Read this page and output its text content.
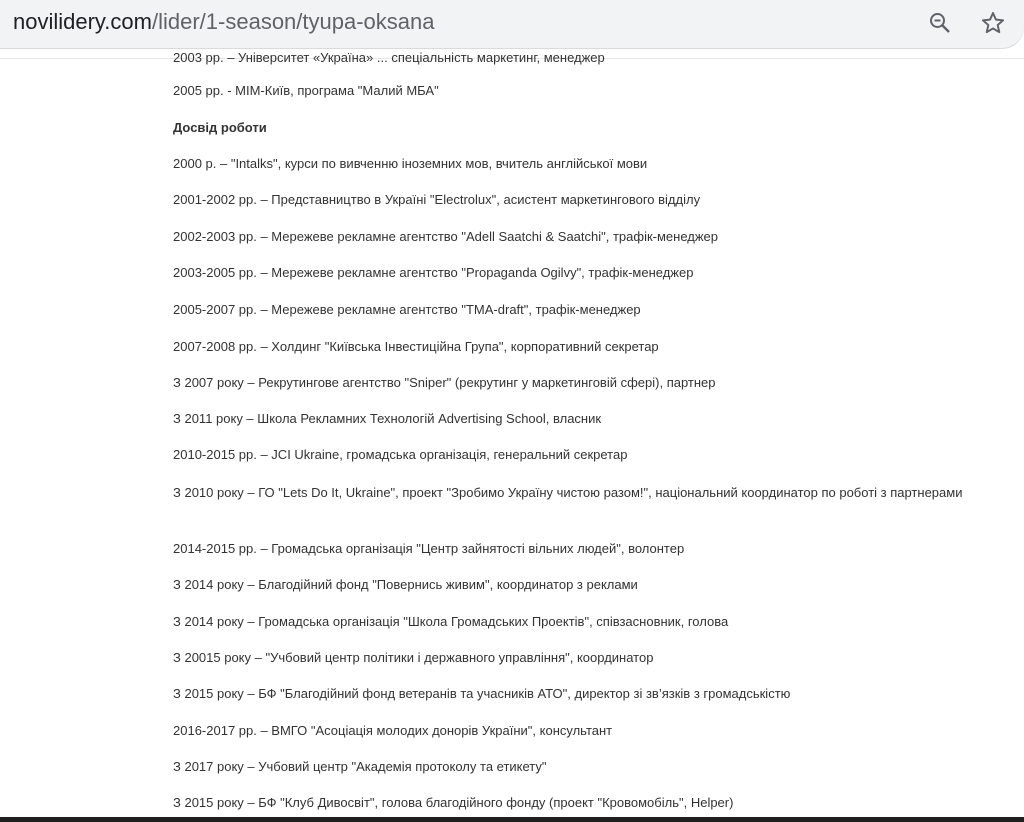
novilidery.com/lider/1-season/tyupa-oksana
2003 рр. – Університет «Україна» ... спеціальність маркетинг, менеджер
2005 рр. - МІМ-Київ, програма "Малий МБА"
Досвід роботи
2000 р. – "Intalks", курси по вивченню іноземних мов, вчитель англійської мови
2001-2002 рр. – Представництво в Україні "Electrolux", асистент маркетингового відділу
2002-2003 рр. – Мережеве рекламне агентство "Adell Saatchi & Saatchi", трафік-менеджер
2003-2005 рр. – Мережеве рекламне агентство "Propaganda Ogilvy", трафік-менеджер
2005-2007 рр. – Мережеве рекламне агентство "TMA-draft", трафік-менеджер
2007-2008 рр. – Холдинг "Київська Інвестиційна Група", корпоративний секретар
З 2007 року – Рекрутингове агентство "Sniper" (рекрутинг у маркетинговій сфері), партнер
З 2011 року – Школа Рекламних Технологій Advertising School, власник
2010-2015 рр. – JCI Ukraine, громадська організація, генеральний секретар
З 2010 року – ГО "Lets Do It, Ukraine", проект "Зробимо Україну чистою разом!", національний координатор по роботі з партнерами
2014-2015 рр. – Громадська організація "Центр зайнятості вільних людей", волонтер
З 2014 року – Благодійний фонд "Повернись живим", координатор з реклами
З 2014 року – Громадська організація "Школа Громадських Проектів", співзасновник, голова
З 20015 року – "Учбовий центр політики і державного управління", координатор
З 2015 року – БФ "Благодійний фонд ветеранів та учасників АТО", директор зі зв’язків з громадськістю
2016-2017 рр. – ВМГО "Асоціація молодих донорів України", консультант
З 2017 року – Учбовий центр "Академія протоколу та етикету"
З 2015 року – БФ "Клуб Дивосвіт", голова благодійного фонду (проект "Кровомобіль", Helper)
